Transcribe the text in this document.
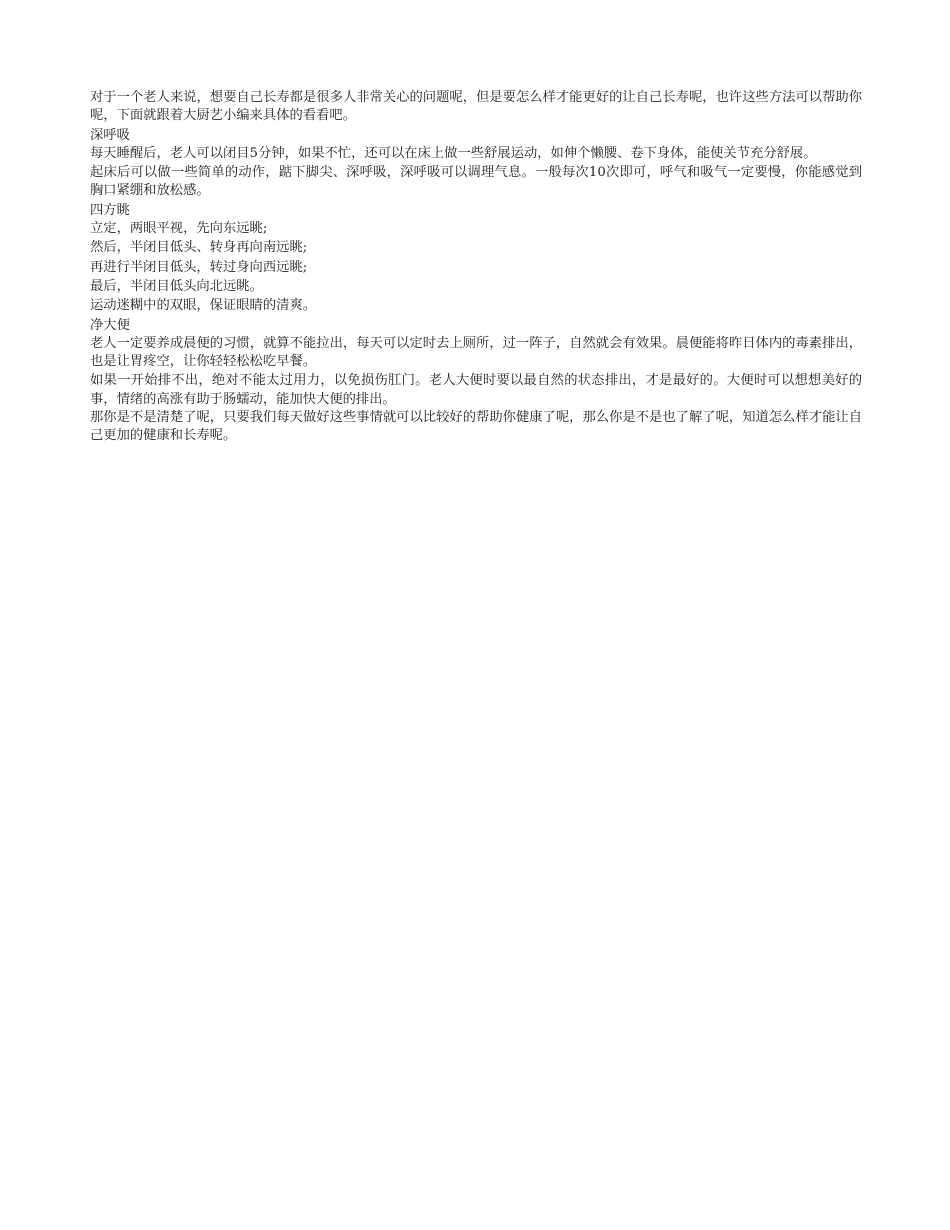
对于一个老人来说，想要自己长寿都是很多人非常关心的问题呢，但是要怎么样才能更好的让自己长寿呢，也许这些方法可以帮助你呢，下面就跟着大厨艺小编来具体的看看吧。

深呼吸

每天睡醒后，老人可以闭目5分钟，如果不忙，还可以在床上做一些舒展运动，如伸个懒腰、卷下身体，能使关节充分舒展。

起床后可以做一些简单的动作，踮下脚尖、深呼吸，深呼吸可以调理气息。一般每次10次即可，呼气和吸气一定要慢，你能感觉到胸口紧绷和放松感。

四方眺

立定，两眼平视，先向东远眺;

然后，半闭目低头、转身再向南远眺;

再进行半闭目低头，转过身向西远眺;

最后，半闭目低头向北远眺。

运动迷糊中的双眼，保证眼睛的清爽。

净大便

老人一定要养成晨便的习惯，就算不能拉出，每天可以定时去上厕所，过一阵子，自然就会有效果。晨便能将昨日体内的毒素排出，也是让胃疼空，让你轻轻松松吃早餐。

如果一开始排不出，绝对不能太过用力，以免损伤肛门。老人大便时要以最自然的状态排出，才是最好的。大便时可以想想美好的事，情绪的高涨有助于肠蠕动，能加快大便的排出。

那你是不是清楚了呢，只要我们每天做好这些事情就可以比较好的帮助你健康了呢，那么你是不是也了解了呢，知道怎么样才能让自己更加的健康和长寿呢。
